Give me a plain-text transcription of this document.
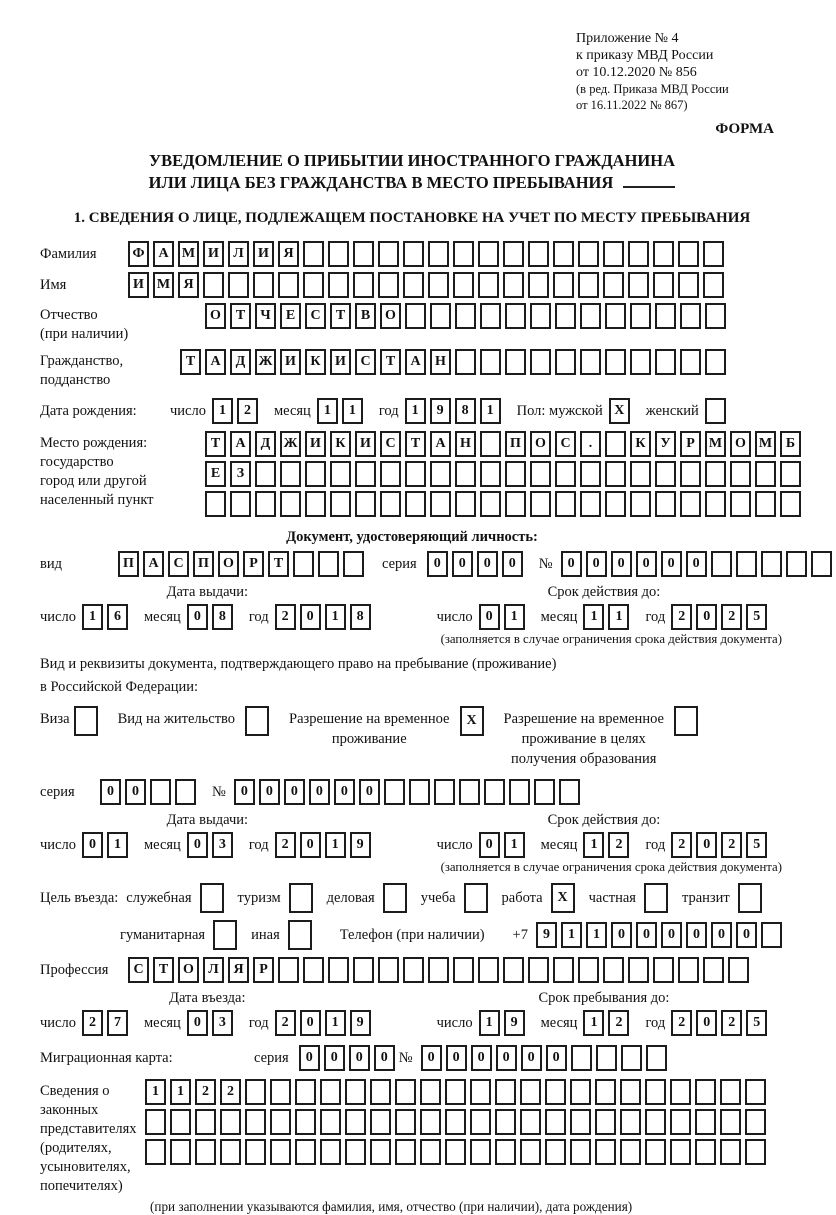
Приложение № 4
к приказу МВД России
от 10.12.2020 № 856
(в ред. Приказа МВД России
от 16.11.2022 № 867)
ФОРМА
УВЕДОМЛЕНИЕ О ПРИБЫТИИ ИНОСТРАННОГО ГРАЖДАНИНА
ИЛИ ЛИЦА БЕЗ ГРАЖДАНСТВА В МЕСТО ПРЕБЫВАНИЯ
1. СВЕДЕНИЯ О ЛИЦЕ, ПОДЛЕЖАЩЕМ ПОСТАНОВКЕ НА УЧЕТ ПО МЕСТУ ПРЕБЫВАНИЯ
Фамилия	Ф А М И	Л	И	Я
Имя	И М Я
Отчество
(при наличии)
О	Т	Ч	Е	С	Т	В	О
Гражданство,
подданство
Т	А	Д Ж И	К	И	С	Т	А	Н
Дата рождения:	число 1	2	месяц 1	1	год 1	9	8	1	Пол: мужской X	женский
Место рождения:
государство
город или другой
населенный пункт
Т	А	Д Ж И	К	И	С	Т	А	Н	П	О	С	.	К	У	Р	М О М Б
Е	З
Документ, удостоверяющий личность:
вид	П	А	С	П	О	Р	Т	серия	0	0	0	0	№	0	0	0	0	0	0
Дата выдачи:
число 1	6	месяц 0	8	год 2	0	1	8
Срок действия до:
число 0	1	месяц 1	1	год 2	0	2	5
(заполняется в случае ограничения срока действия документа)
Вид и реквизиты документа, подтверждающего право на пребывание (проживание)
в Российской Федерации:
Виза	Вид на жительство	Разрешение на временное
проживание
X	Разрешение на временное
проживание в целях
получения образования
серия	0	0	№	0	0	0	0	0	0
Дата выдачи:
число 0	1	месяц 0	3	год 2	0	1	9
Срок действия до:
число 0	1	месяц 1	2	год 2	0	2	5
(заполняется в случае ограничения срока действия документа)
Цель въезда: служебная	туризм	деловая	учеба	работа	X	частная	транзит
гуманитарная	иная	Телефон (при наличии) +7	9	1	1	0	0	0	0	0	0
Профессия	С	Т	О	Л	Я	Р
Дата въезда:
число 2	7	месяц 0	3	год 2	0	1	9
Срок пребывания до:
число 1	9	месяц 1	2	год 2	0	2	5
Миграционная карта:	серия	0	0	0	0 №	0	0	0	0	0	0
Сведения о
законных
представителях
(родителях,
усыновителях,
попечителях)
1	1	2	2
(при заполнении указываются фамилия, имя, отчество (при наличии), дата рождения)
